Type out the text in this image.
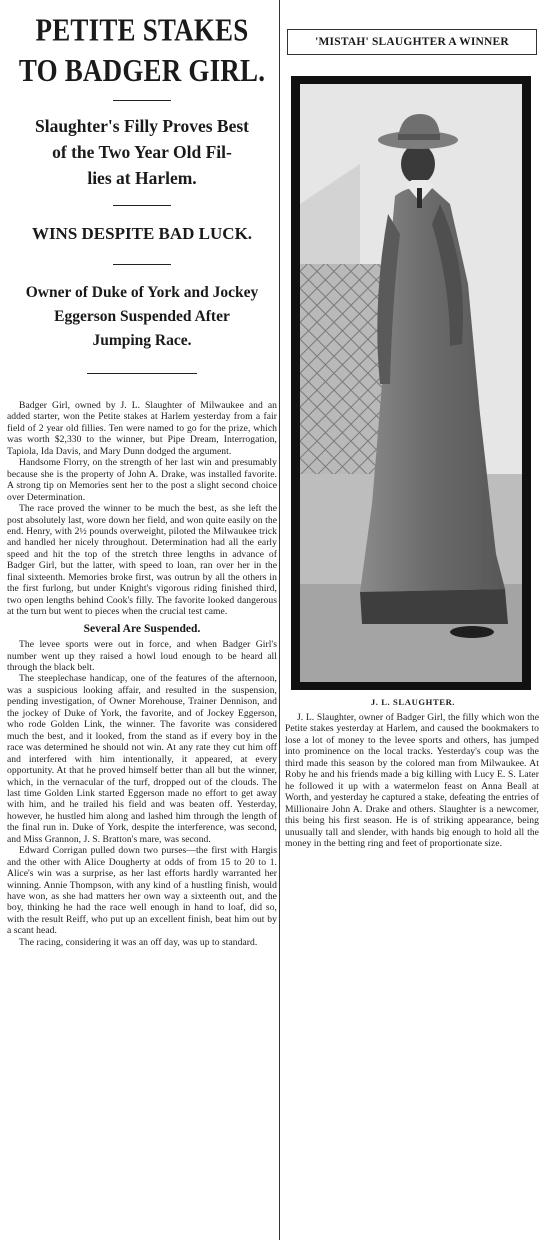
PETITE STAKES
TO BADGER GIRL.
Slaughter's Filly Proves Best
of the Two Year Old Fil-
lies at Harlem.
WINS DESPITE BAD LUCK.
Owner of Duke of York and Jockey
Eggerson Suspended After
Jumping Race.

Badger Girl, owned by J. L. Slaughter of Milwaukee and an added starter, won the Petite stakes at Harlem yesterday from a fair field of 2 year old fillies. Ten were named to go for the prize, which was worth $2,330 to the winner, but Pipe Dream, Interrogation, Tapiola, Ida Davis, and Mary Dunn dodged the argument.

Handsome Florry, on the strength of her last win and presumably because she is the property of John A. Drake, was installed favorite. A strong tip on Memories sent her to the post a slight second choice over Determination.

The race proved the winner to be much the best, as she left the post absolutely last, wore down her field, and won quite easily on the end. Henry, with 2½ pounds overweight, piloted the Milwaukee trick and handled her nicely throughout. Determination had all the early speed and hit the top of the stretch three lengths in advance of Badger Girl, but the latter, with speed to loan, ran over her in the final sixteenth. Memories broke first, was outrun by all the others in the first furlong, but under Knight's vigorous riding finished third, two open lengths behind Cook's filly. The favorite looked dangerous at the turn but went to pieces when the crucial test came.

Several Are Suspended.

The levee sports were out in force, and when Badger Girl's number went up they raised a howl loud enough to be heard all through the black belt.

The steeplechase handicap, one of the features of the afternoon, was a suspicious looking affair, and resulted in the suspension, pending investigation, of Owner Morehouse, Trainer Dennison, and the jockey of Duke of York, the favorite, and of Jockey Eggerson, who rode Golden Link, the winner. The favorite was considered much the best, and it looked, from the stand as if every boy in the race was determined he should not win. At any rate they cut him off and interfered with him intentionally, it appeared, at every opportunity. At that he proved himself better than all but the winner, which, in the vernacular of the turf, dropped out of the clouds. The last time Golden Link started Eggerson made no effort to get away with him, and he trailed his field and was beaten off. Yesterday, however, he hustled him along and lashed him through the length of the final run in. Duke of York, despite the interference, was second, and Miss Grannon, J. S. Bratton's mare, was second.

Edward Corrigan pulled down two purses—the first with Hargis and the other with Alice Dougherty at odds of from 15 to 20 to 1. Alice's win was a surprise, as her last efforts hardly warranted her winning. Annie Thompson, with any kind of a hustling finish, would have won, as she had matters her own way a sixteenth out, and the boy, thinking he had the race well enough in hand to loaf, did so, with the result Reiff, who put up an excellent finish, beat him out by a scant head.

The racing, considering it was an off day, was up to standard.

'MISTAH' SLAUGHTER A WINNER
J. L. SLAUGHTER.

J. L. Slaughter, owner of Badger Girl, the filly which won the Petite stakes yesterday at Harlem, and caused the bookmakers to lose a lot of money to the levee sports and others, has jumped into prominence on the local tracks. Yesterday's coup was the third made this season by the colored man from Milwaukee. At Roby he and his friends made a big killing with Lucy E. S. Later he followed it up with a watermelon feast on Anna Beall at Worth, and yesterday he captured a stake, defeating the entries of Millionaire John A. Drake and others. Slaughter is a newcomer, this being his first season. He is of striking appearance, being unusually tall and slender, with hands big enough to hold all the money in the betting ring and feet of proportionate size.
